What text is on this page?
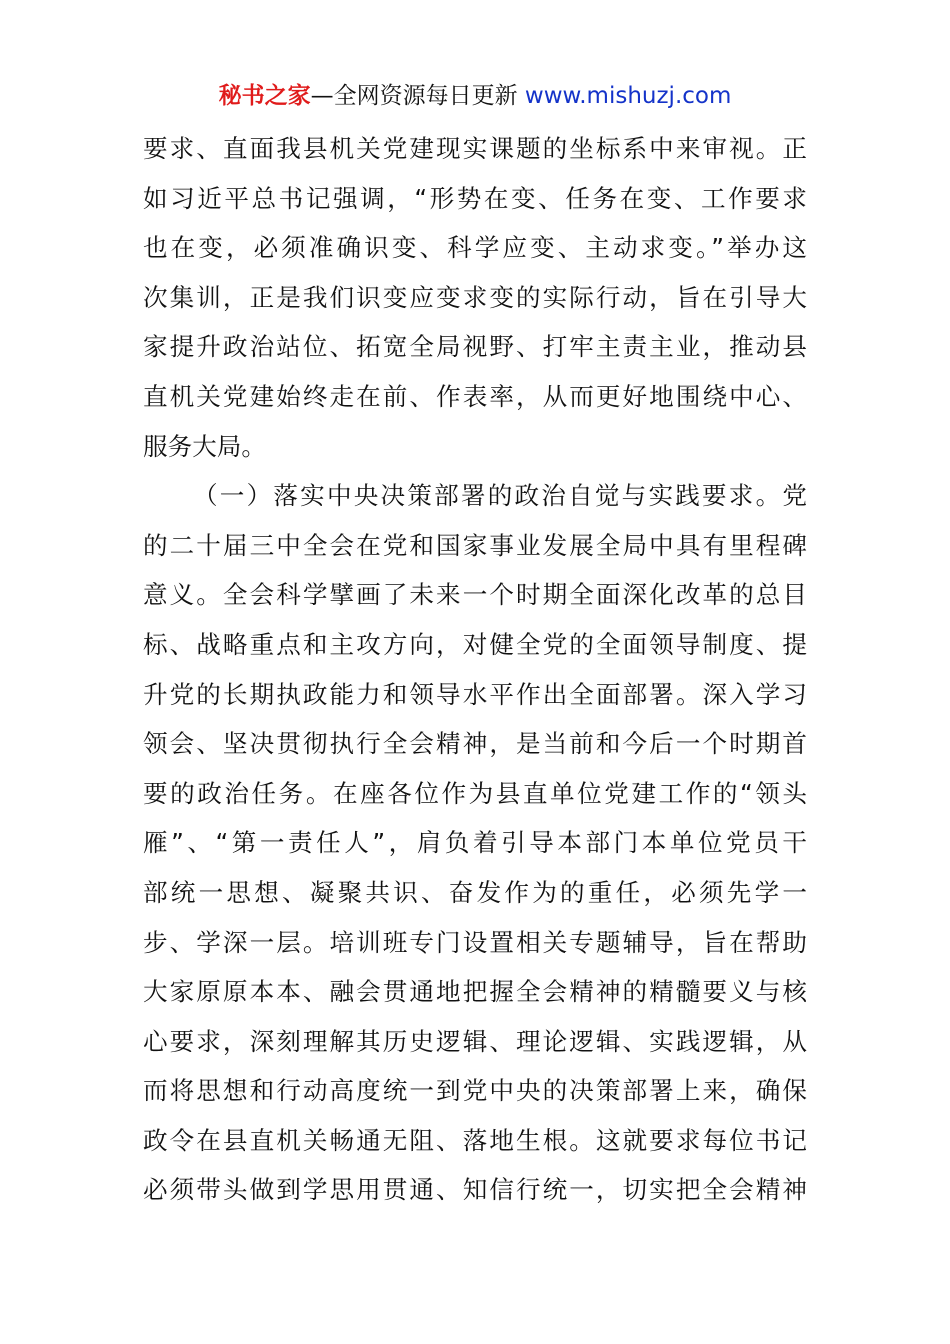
秘书之家—全网资源每日更新 www.mishuzj.com
要求、直面我县机关党建现实课题的坐标系中来审视。正
如习近平总书记强调，“形势在变、任务在变、工作要求
也在变，必须准确识变、科学应变、主动求变。”举办这
次集训，正是我们识变应变求变的实际行动，旨在引导大
家提升政治站位、拓宽全局视野、打牢主责主业，推动县
直机关党建始终走在前、作表率，从而更好地围绕中心、
服务大局。
（一）落实中央决策部署的政治自觉与实践要求。党
的二十届三中全会在党和国家事业发展全局中具有里程碑
意义。全会科学擘画了未来一个时期全面深化改革的总目
标、战略重点和主攻方向，对健全党的全面领导制度、提
升党的长期执政能力和领导水平作出全面部署。深入学习
领会、坚决贯彻执行全会精神，是当前和今后一个时期首
要的政治任务。在座各位作为县直单位党建工作的“领头
雁”、“第一责任人”，肩负着引导本部门本单位党员干
部统一思想、凝聚共识、奋发作为的重任，必须先学一
步、学深一层。培训班专门设置相关专题辅导，旨在帮助
大家原原本本、融会贯通地把握全会精神的精髓要义与核
心要求，深刻理解其历史逻辑、理论逻辑、实践逻辑，从
而将思想和行动高度统一到党中央的决策部署上来，确保
政令在县直机关畅通无阻、落地生根。这就要求每位书记
必须带头做到学思用贯通、知信行统一，切实把全会精神
